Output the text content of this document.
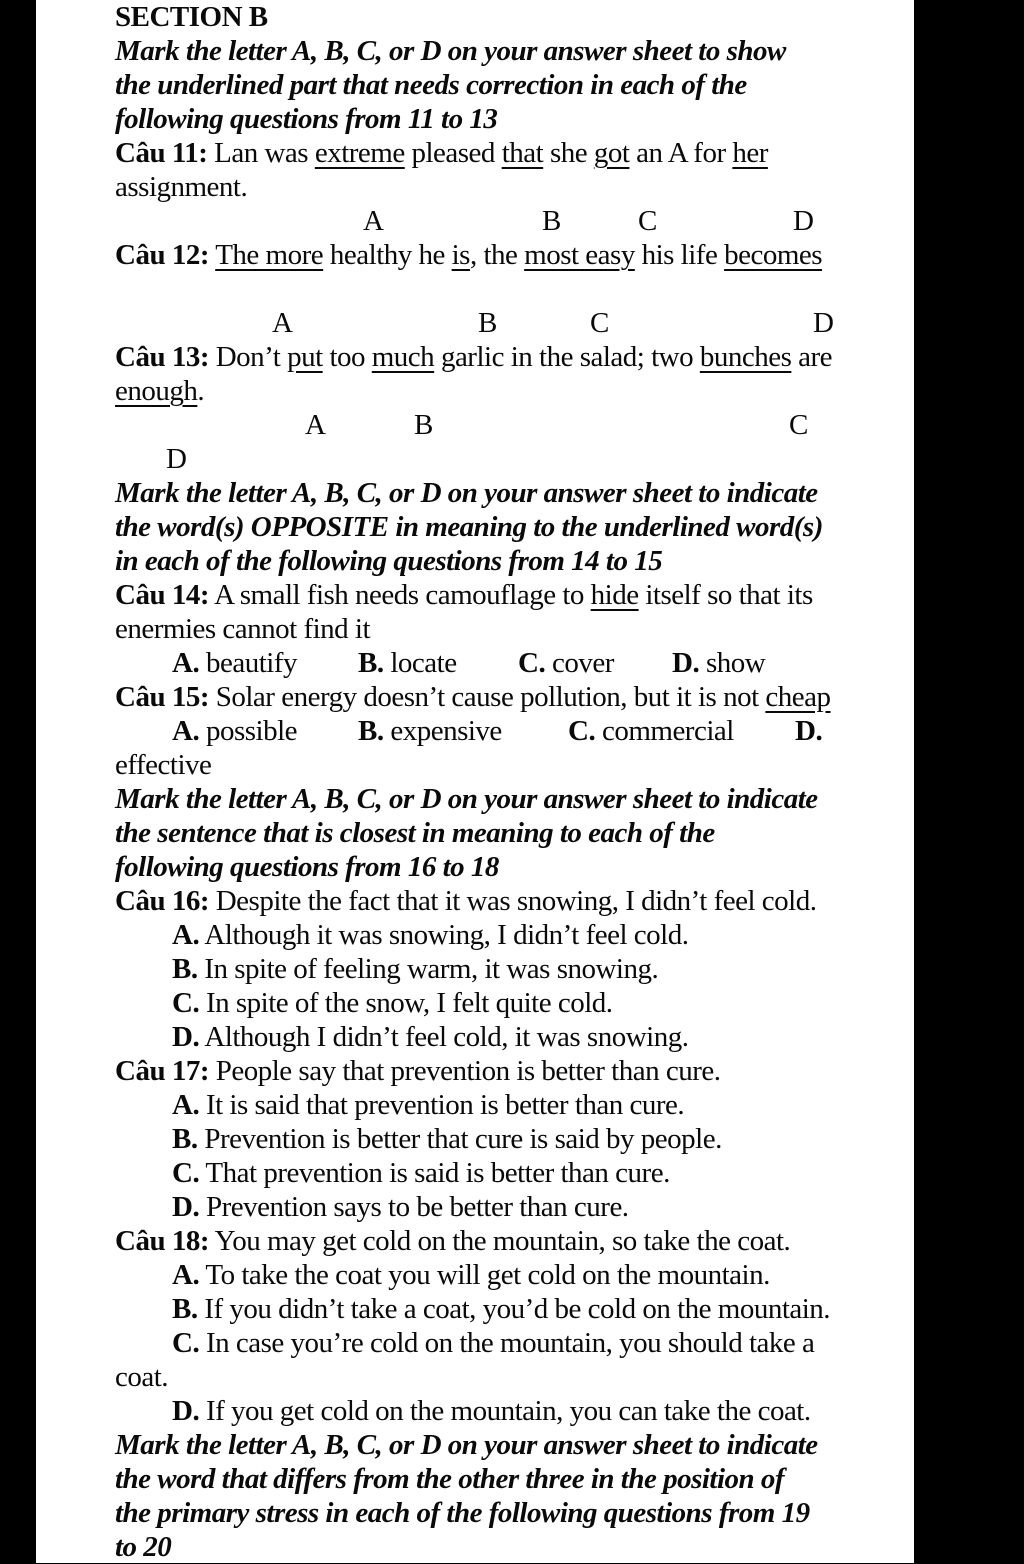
SECTION B
Mark the letter A, B, C, or D on your answer sheet to show
the underlined part that needs correction in each of the
following questions from 11 to 13
Câu 11: Lan was extreme pleased that she got an A for her
assignment.
A	B	C	D
Câu 12: The more healthy he is, the most easy his life becomes
A	B	C	D
Câu 13: Don’t put too much garlic in the salad; two bunches are
enough.
A	B	C
D
Mark the letter A, B, C, or D on your answer sheet to indicate
the word(s) OPPOSITE in meaning to the underlined word(s)
in each of the following questions from 14 to 15
Câu 14: A small fish needs camouflage to hide itself so that its
enermies cannot find it
A. beautify B. locate C. cover D. show
Câu 15: Solar energy doesn’t cause pollution, but it is not cheap
A. possible B. expensive C. commercial D.
effective
Mark the letter A, B, C, or D on your answer sheet to indicate
the sentence that is closest in meaning to each of the
following questions from 16 to 18
Câu 16: Despite the fact that it was snowing, I didn’t feel cold.
A. Although it was snowing, I didn’t feel cold.
B. In spite of feeling warm, it was snowing.
C. In spite of the snow, I felt quite cold.
D. Although I didn’t feel cold, it was snowing.
Câu 17: People say that prevention is better than cure.
A. It is said that prevention is better than cure.
B. Prevention is better that cure is said by people.
C. That prevention is said is better than cure.
D. Prevention says to be better than cure.
Câu 18: You may get cold on the mountain, so take the coat.
A. To take the coat you will get cold on the mountain.
B. If you didn’t take a coat, you’d be cold on the mountain.
C. In case you’re cold on the mountain, you should take a
coat.
D. If you get cold on the mountain, you can take the coat.
Mark the letter A, B, C, or D on your answer sheet to indicate
the word that differs from the other three in the position of
the primary stress in each of the following questions from 19
to 20
